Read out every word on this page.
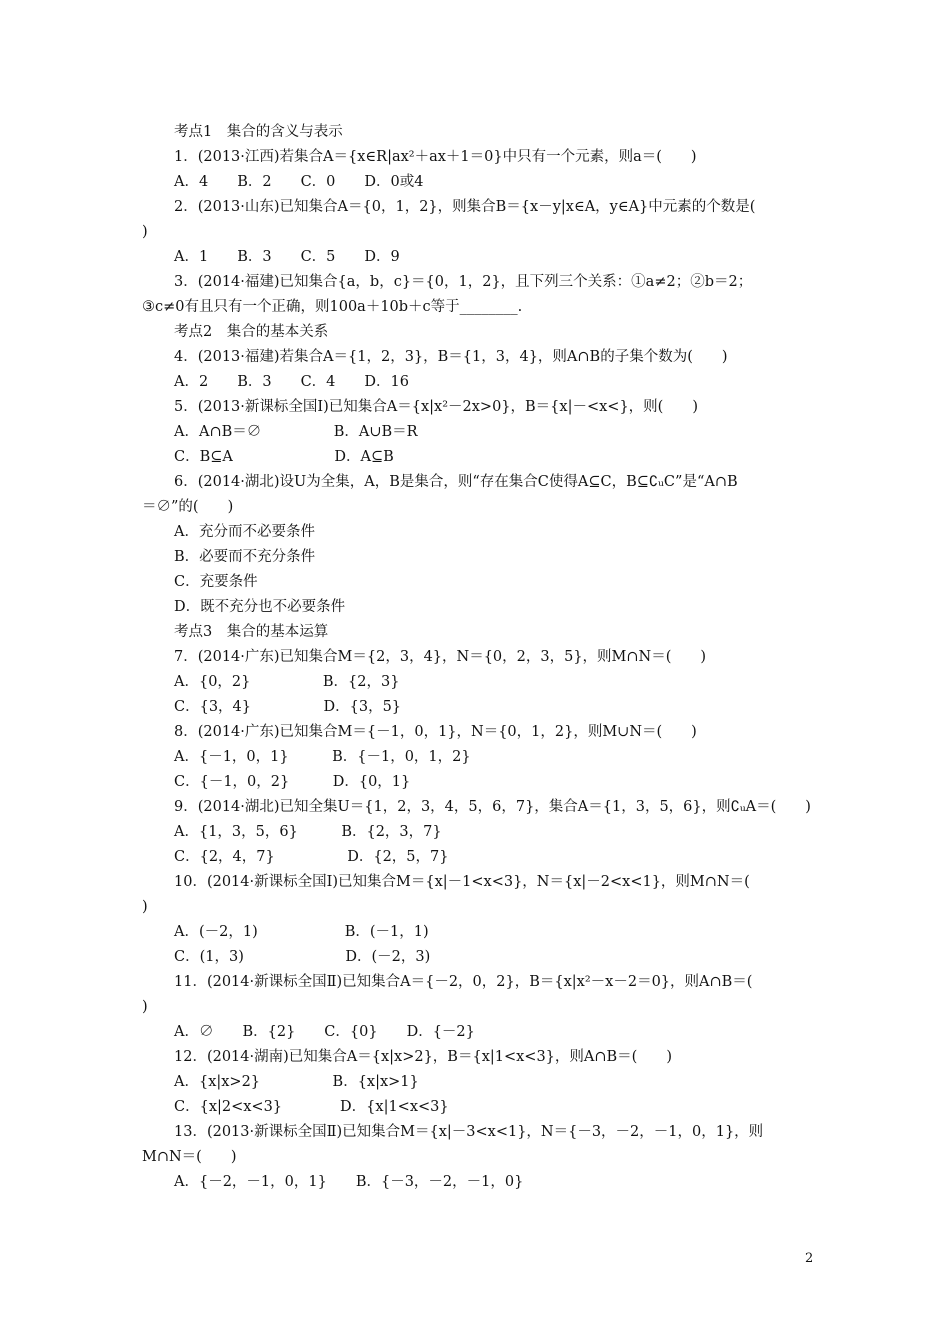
考点1　集合的含义与表示
1．(2013·江西)若集合A＝{x∈R|ax²＋ax＋1＝0}中只有一个元素，则a＝(　　)
A．4　　B．2　　C．0　　D．0或4
2．(2013·山东)已知集合A＝{0，1，2}，则集合B＝{x－y|x∈A，y∈A}中元素的个数是(
)
A．1　　B．3　　C．5　　D．9
3．(2014·福建)已知集合{a，b，c}＝{0，1，2}，且下列三个关系：①a≠2；②b＝2；
③c≠0有且只有一个正确，则100a＋10b＋c等于________.
考点2　集合的基本关系
4．(2013·福建)若集合A＝{1，2，3}，B＝{1，3，4}，则A∩B的子集个数为(　　)
A．2　　B．3　　C．4　　D．16
5．(2013·新课标全国Ⅰ)已知集合A＝{x|x²－2x>0}，B＝{x|－<x<}，则(　　)
A．A∩B＝∅　　　　　B．A∪B＝R
C．B⊆A　　　　　　　D．A⊆B
6．(2014·湖北)设U为全集，A，B是集合，则“存在集合C使得A⊆C，B⊆∁ᵤC”是“A∩B
＝∅”的(　　)
A．充分而不必要条件
B．必要而不充分条件
C．充要条件
D．既不充分也不必要条件
考点3　集合的基本运算
7．(2014·广东)已知集合M＝{2，3，4}，N＝{0，2，3，5}，则M∩N＝(　　)
A．{0，2}　　　　　B．{2，3}
C．{3，4}　　　　　D．{3，5}
8．(2014·广东)已知集合M＝{－1，0，1}，N＝{0，1，2}，则M∪N＝(　　)
A．{－1，0，1}　　　B．{－1，0，1，2}
C．{－1，0，2}　　　D．{0，1}
9．(2014·湖北)已知全集U＝{1，2，3，4，5，6，7}，集合A＝{1，3，5，6}，则∁ᵤA＝(　　)
A．{1，3，5，6}　　　B．{2，3，7}
C．{2，4，7}　　　　　D．{2，5，7}
10．(2014·新课标全国Ⅰ)已知集合M＝{x|－1<x<3}，N＝{x|－2<x<1}，则M∩N＝(
)
A．(－2，1)　　　　　　B．(－1，1)
C．(1，3)　　　　　　　D．(－2，3)
11．(2014·新课标全国Ⅱ)已知集合A＝{－2，0，2}，B＝{x|x²－x－2＝0}，则A∩B＝(
)
A．∅　　B．{2}　　C．{0}　　D．{－2}
12．(2014·湖南)已知集合A＝{x|x>2}，B＝{x|1<x<3}，则A∩B＝(　　)
A．{x|x>2}　　　　　B．{x|x>1}
C．{x|2<x<3}　　　　D．{x|1<x<3}
13．(2013·新课标全国Ⅱ)已知集合M＝{x|－3<x<1}，N＝{－3，－2，－1，0，1}，则
M∩N＝(　　)
A．{－2，－1，0，1}　　B．{－3，－2，－1，0}
2
